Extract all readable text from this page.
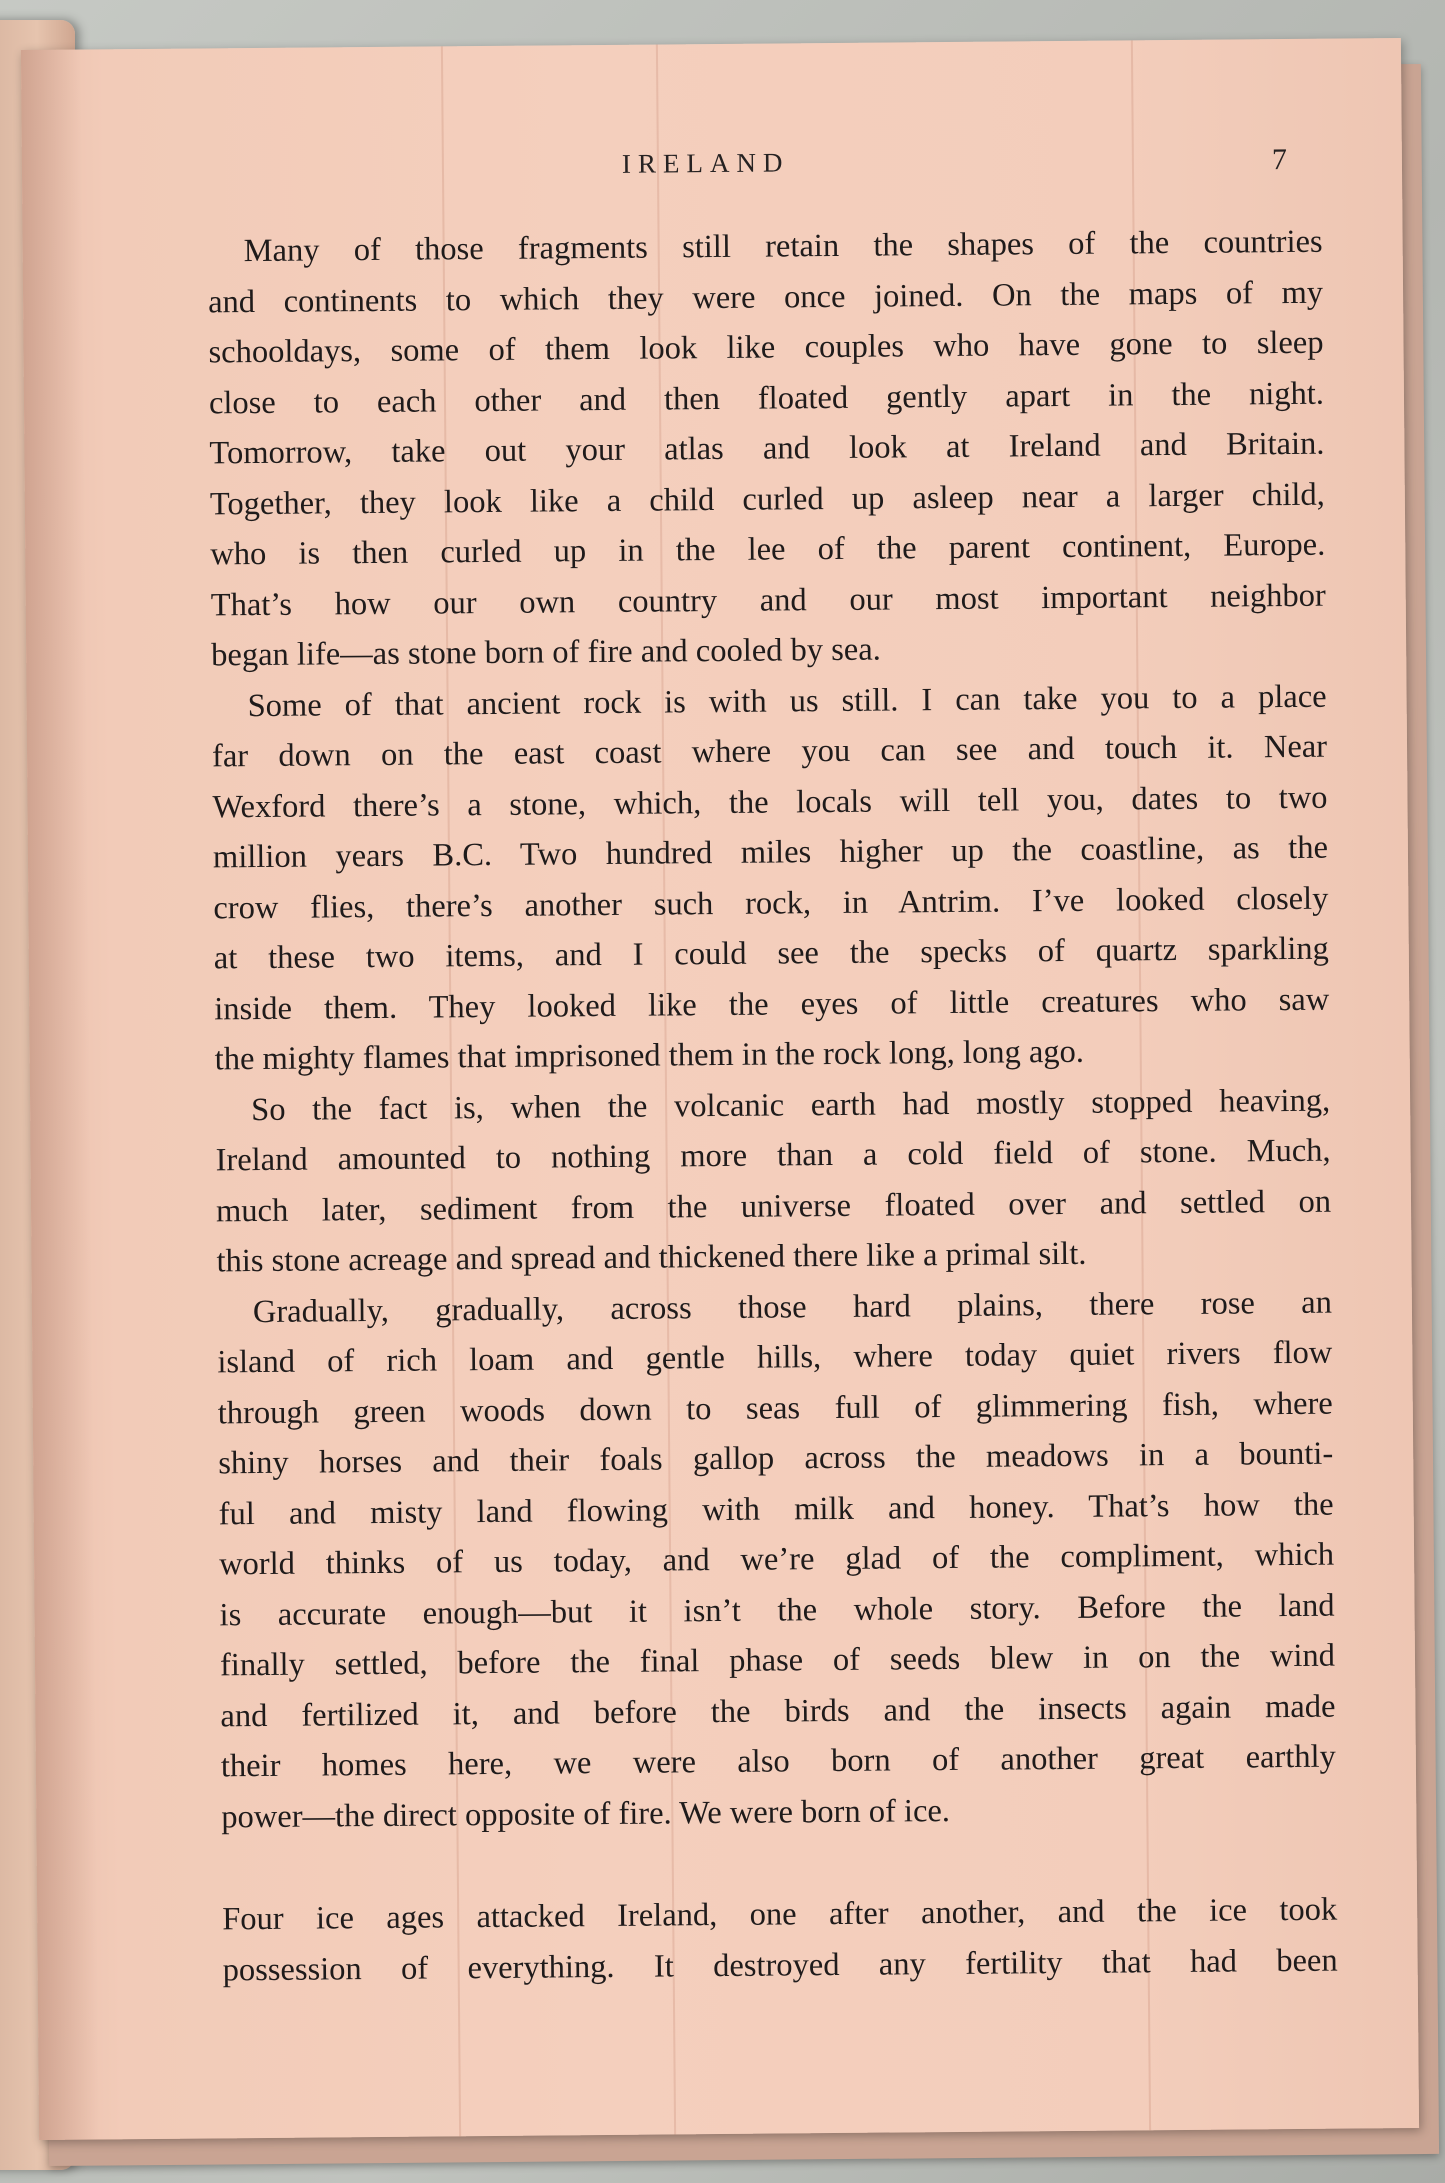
IRELAND	7

Many of those fragments still retain the shapes of the countries
and continents to which they were once joined. On the maps of my
schooldays, some of them look like couples who have gone to sleep
close to each other and then floated gently apart in the night.
Tomorrow, take out your atlas and look at Ireland and Britain.
Together, they look like a child curled up asleep near a larger child,
who is then curled up in the lee of the parent continent, Europe.
That’s how our own country and our most important neighbor
began life—as stone born of fire and cooled by sea.

Some of that ancient rock is with us still. I can take you to a place
far down on the east coast where you can see and touch it. Near
Wexford there’s a stone, which, the locals will tell you, dates to two
million years B.C. Two hundred miles higher up the coastline, as the
crow flies, there’s another such rock, in Antrim. I’ve looked closely
at these two items, and I could see the specks of quartz sparkling
inside them. They looked like the eyes of little creatures who saw
the mighty flames that imprisoned them in the rock long, long ago.

So the fact is, when the volcanic earth had mostly stopped heaving,
Ireland amounted to nothing more than a cold field of stone. Much,
much later, sediment from the universe floated over and settled on
this stone acreage and spread and thickened there like a primal silt.

Gradually, gradually, across those hard plains, there rose an
island of rich loam and gentle hills, where today quiet rivers flow
through green woods down to seas full of glimmering fish, where
shiny horses and their foals gallop across the meadows in a bounti-
ful and misty land flowing with milk and honey. That’s how the
world thinks of us today, and we’re glad of the compliment, which
is accurate enough—but it isn’t the whole story. Before the land
finally settled, before the final phase of seeds blew in on the wind
and fertilized it, and before the birds and the insects again made
their homes here, we were also born of another great earthly
power—the direct opposite of fire. We were born of ice.

Four ice ages attacked Ireland, one after another, and the ice took
possession of everything. It destroyed any fertility that had been
